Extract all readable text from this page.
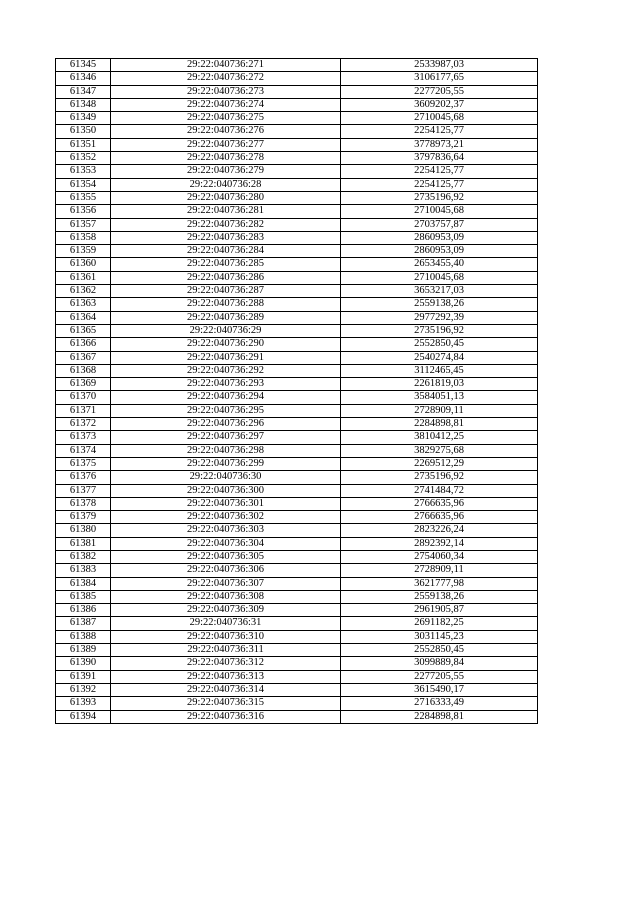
61345	29:22:040736:271	2533987,03
61346	29:22:040736:272	3106177,65
61347	29:22:040736:273	2277205,55
61348	29:22:040736:274	3609202,37
61349	29:22:040736:275	2710045,68
61350	29:22:040736:276	2254125,77
61351	29:22:040736:277	3778973,21
61352	29:22:040736:278	3797836,64
61353	29:22:040736:279	2254125,77
61354	29:22:040736:28	2254125,77
61355	29:22:040736:280	2735196,92
61356	29:22:040736:281	2710045,68
61357	29:22:040736:282	2703757,87
61358	29:22:040736:283	2860953,09
61359	29:22:040736:284	2860953,09
61360	29:22:040736:285	2653455,40
61361	29:22:040736:286	2710045,68
61362	29:22:040736:287	3653217,03
61363	29:22:040736:288	2559138,26
61364	29:22:040736:289	2977292,39
61365	29:22:040736:29	2735196,92
61366	29:22:040736:290	2552850,45
61367	29:22:040736:291	2540274,84
61368	29:22:040736:292	3112465,45
61369	29:22:040736:293	2261819,03
61370	29:22:040736:294	3584051,13
61371	29:22:040736:295	2728909,11
61372	29:22:040736:296	2284898,81
61373	29:22:040736:297	3810412,25
61374	29:22:040736:298	3829275,68
61375	29:22:040736:299	2269512,29
61376	29:22:040736:30	2735196,92
61377	29:22:040736:300	2741484,72
61378	29:22:040736:301	2766635,96
61379	29:22:040736:302	2766635,96
61380	29:22:040736:303	2823226,24
61381	29:22:040736:304	2892392,14
61382	29:22:040736:305	2754060,34
61383	29:22:040736:306	2728909,11
61384	29:22:040736:307	3621777,98
61385	29:22:040736:308	2559138,26
61386	29:22:040736:309	2961905,87
61387	29:22:040736:31	2691182,25
61388	29:22:040736:310	3031145,23
61389	29:22:040736:311	2552850,45
61390	29:22:040736:312	3099889,84
61391	29:22:040736:313	2277205,55
61392	29:22:040736:314	3615490,17
61393	29:22:040736:315	2716333,49
61394	29:22:040736:316	2284898,81
